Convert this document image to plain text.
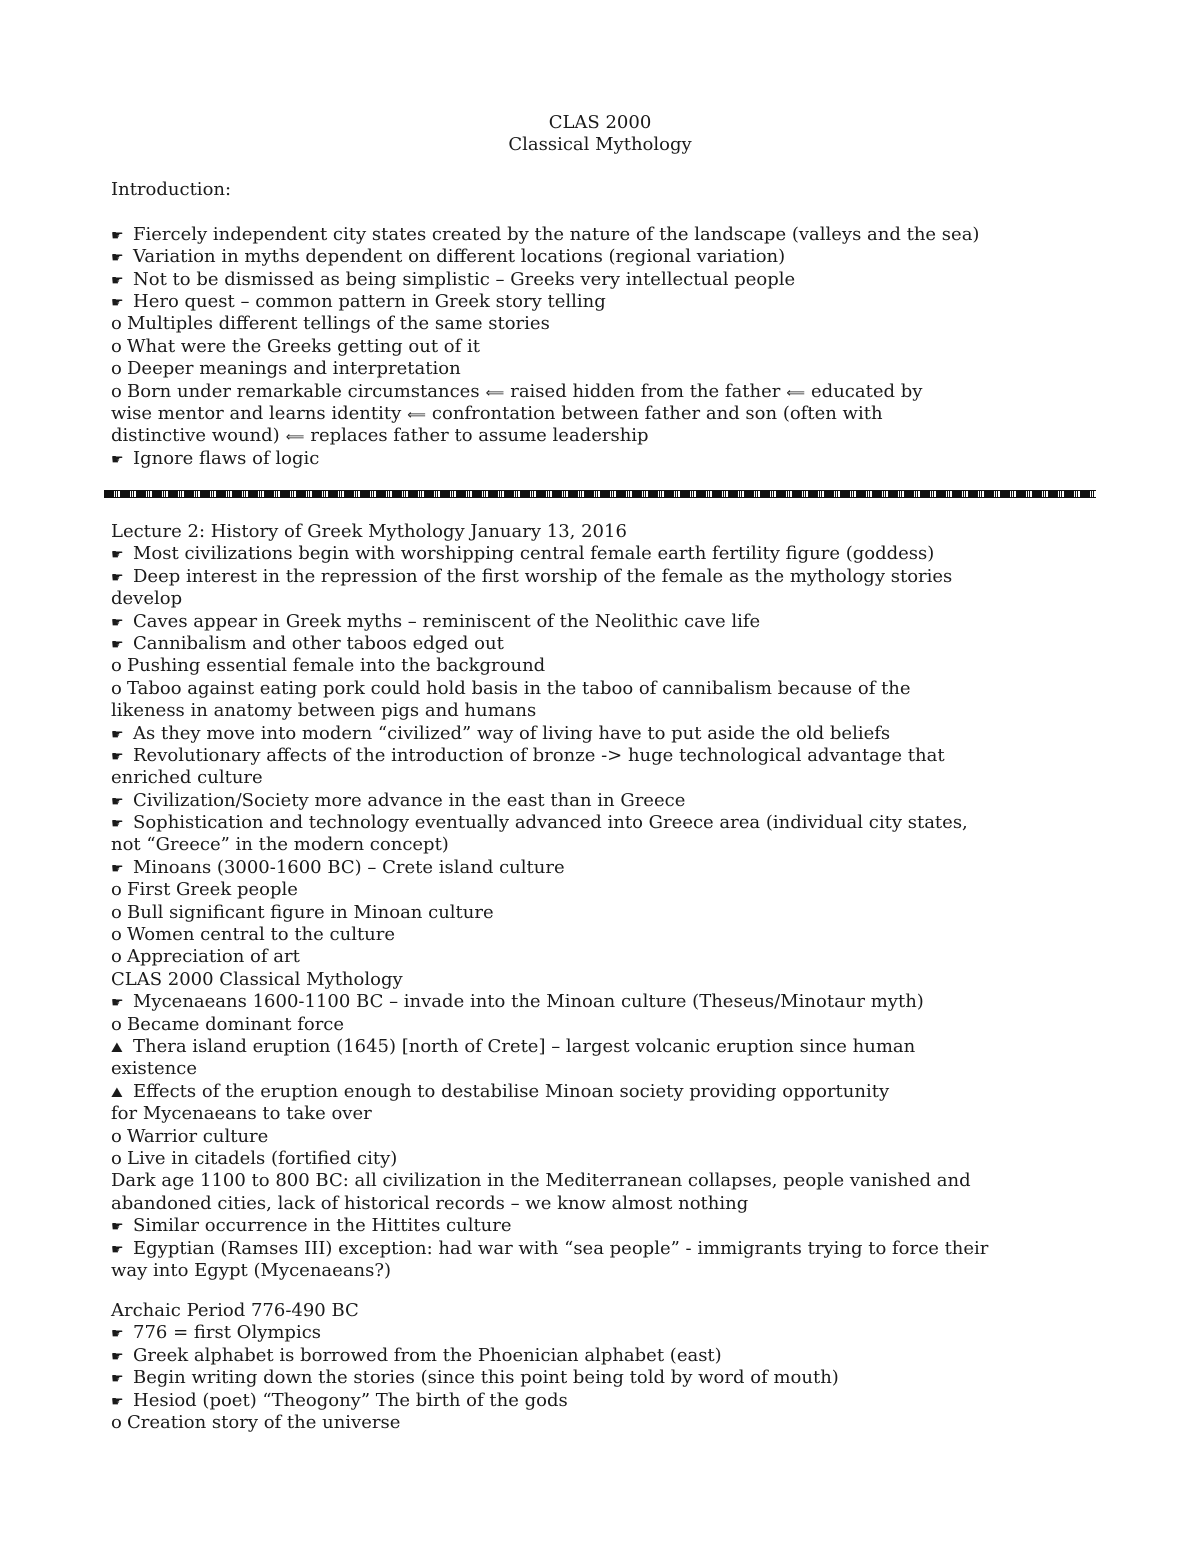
CLAS 2000
Classical Mythology
Introduction:
☛ Fiercely independent city states created by the nature of the landscape (valleys and the sea)
☛ Variation in myths dependent on different locations (regional variation)
☛ Not to be dismissed as being simplistic – Greeks very intellectual people
☛ Hero quest – common pattern in Greek story telling
o Multiples different tellings of the same stories
o What were the Greeks getting out of it
o Deeper meanings and interpretation
o Born under remarkable circumstances ⟸ raised hidden from the father ⟸ educated by
wise mentor and learns identity ⟸ confrontation between father and son (often with
distinctive wound) ⟸ replaces father to assume leadership
☛ Ignore flaws of logic
Lecture 2: History of Greek Mythology January 13, 2016
☛ Most civilizations begin with worshipping central female earth fertility figure (goddess)
☛ Deep interest in the repression of the first worship of the female as the mythology stories
develop
☛ Caves appear in Greek myths – reminiscent of the Neolithic cave life
☛ Cannibalism and other taboos edged out
o Pushing essential female into the background
o Taboo against eating pork could hold basis in the taboo of cannibalism because of the
likeness in anatomy between pigs and humans
☛ As they move into modern “civilized” way of living have to put aside the old beliefs
☛ Revolutionary affects of the introduction of bronze -> huge technological advantage that
enriched culture
☛ Civilization/Society more advance in the east than in Greece
☛ Sophistication and technology eventually advanced into Greece area (individual city states,
not “Greece” in the modern concept)
☛ Minoans (3000-1600 BC) – Crete island culture
o First Greek people
o Bull significant figure in Minoan culture
o Women central to the culture
o Appreciation of art
CLAS 2000 Classical Mythology
☛ Mycenaeans 1600-1100 BC – invade into the Minoan culture (Theseus/Minotaur myth)
o Became dominant force
⛰ Thera island eruption (1645) [north of Crete] – largest volcanic eruption since human
existence
⛰ Effects of the eruption enough to destabilise Minoan society providing opportunity
for Mycenaeans to take over
o Warrior culture
o Live in citadels (fortified city)
Dark age 1100 to 800 BC: all civilization in the Mediterranean collapses, people vanished and
abandoned cities, lack of historical records – we know almost nothing
☛ Similar occurrence in the Hittites culture
☛ Egyptian (Ramses III) exception: had war with “sea people” - immigrants trying to force their
way into Egypt (Mycenaeans?)
Archaic Period 776-490 BC
☛ 776 = first Olympics
☛ Greek alphabet is borrowed from the Phoenician alphabet (east)
☛ Begin writing down the stories (since this point being told by word of mouth)
☛ Hesiod (poet) “Theogony” The birth of the gods
o Creation story of the universe
